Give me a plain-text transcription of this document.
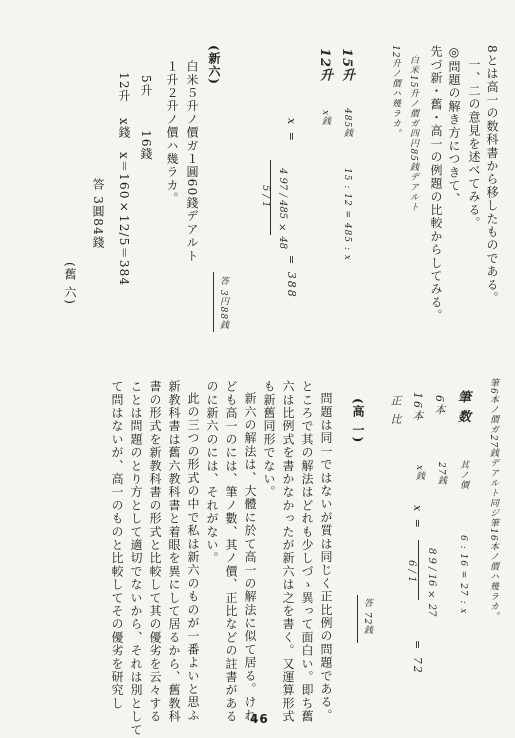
8とは高一の数科書から移したものである。
一、二の意見を述べてみる。
◎問題の解き方につきて、
先づ新・舊・高一の例題の比較からしてみる。
白米15升ノ價ガ四円85銭デアルト
12升ノ價ハ幾ラカ。
15升
485銭
15 : 12 = 485 : x
12升
x銭
x =
4 97 / 485 × 48
5 / 1
= 388
答 3円88銭
(新六)
白米５升ノ價ガ１圓60錢デアルト
１升２升ノ價ハ幾ラカ。
5升
16錢
12升
x錢
x＝160×12/5＝384
答 3圓84錢
(舊 六)
筆6本ノ價ガ27銭デアルト同ジ筆16本ノ價ハ幾ラカ。
筆 数
其ノ價
6 : 16 = 27 : x
6本
27銭
16本
x銭
正 比
x =
8 9 / 16 × 27
6 / 1
= 72
答 72銭
(高 一)
問題は同一ではないが質は同じく正比例の問題である。
ところで其の解法はどれも少しづゝ異って面白い。即ち舊
六は比例式を書かなかったが新六は之を書く。又運算形式
も新舊同形でない。
新六の解法は、大體に於て高一の解法に似て居る。けれ
ども高一のには、筆ノ數、其ノ價、正比などの註書がある
のに新六のには、それがない。
此の三つの形式の中で私は新六のものが一番よいと思ふ
新教科書は舊六教科書と着眼を異にして居るから、舊教科
書の形式を新教科書の形式と比較して其の優劣を云々する
ことは問題のとり方として適切でないから、それは別として
て問はないが、高一のものと比較してその優劣を研究し
46
